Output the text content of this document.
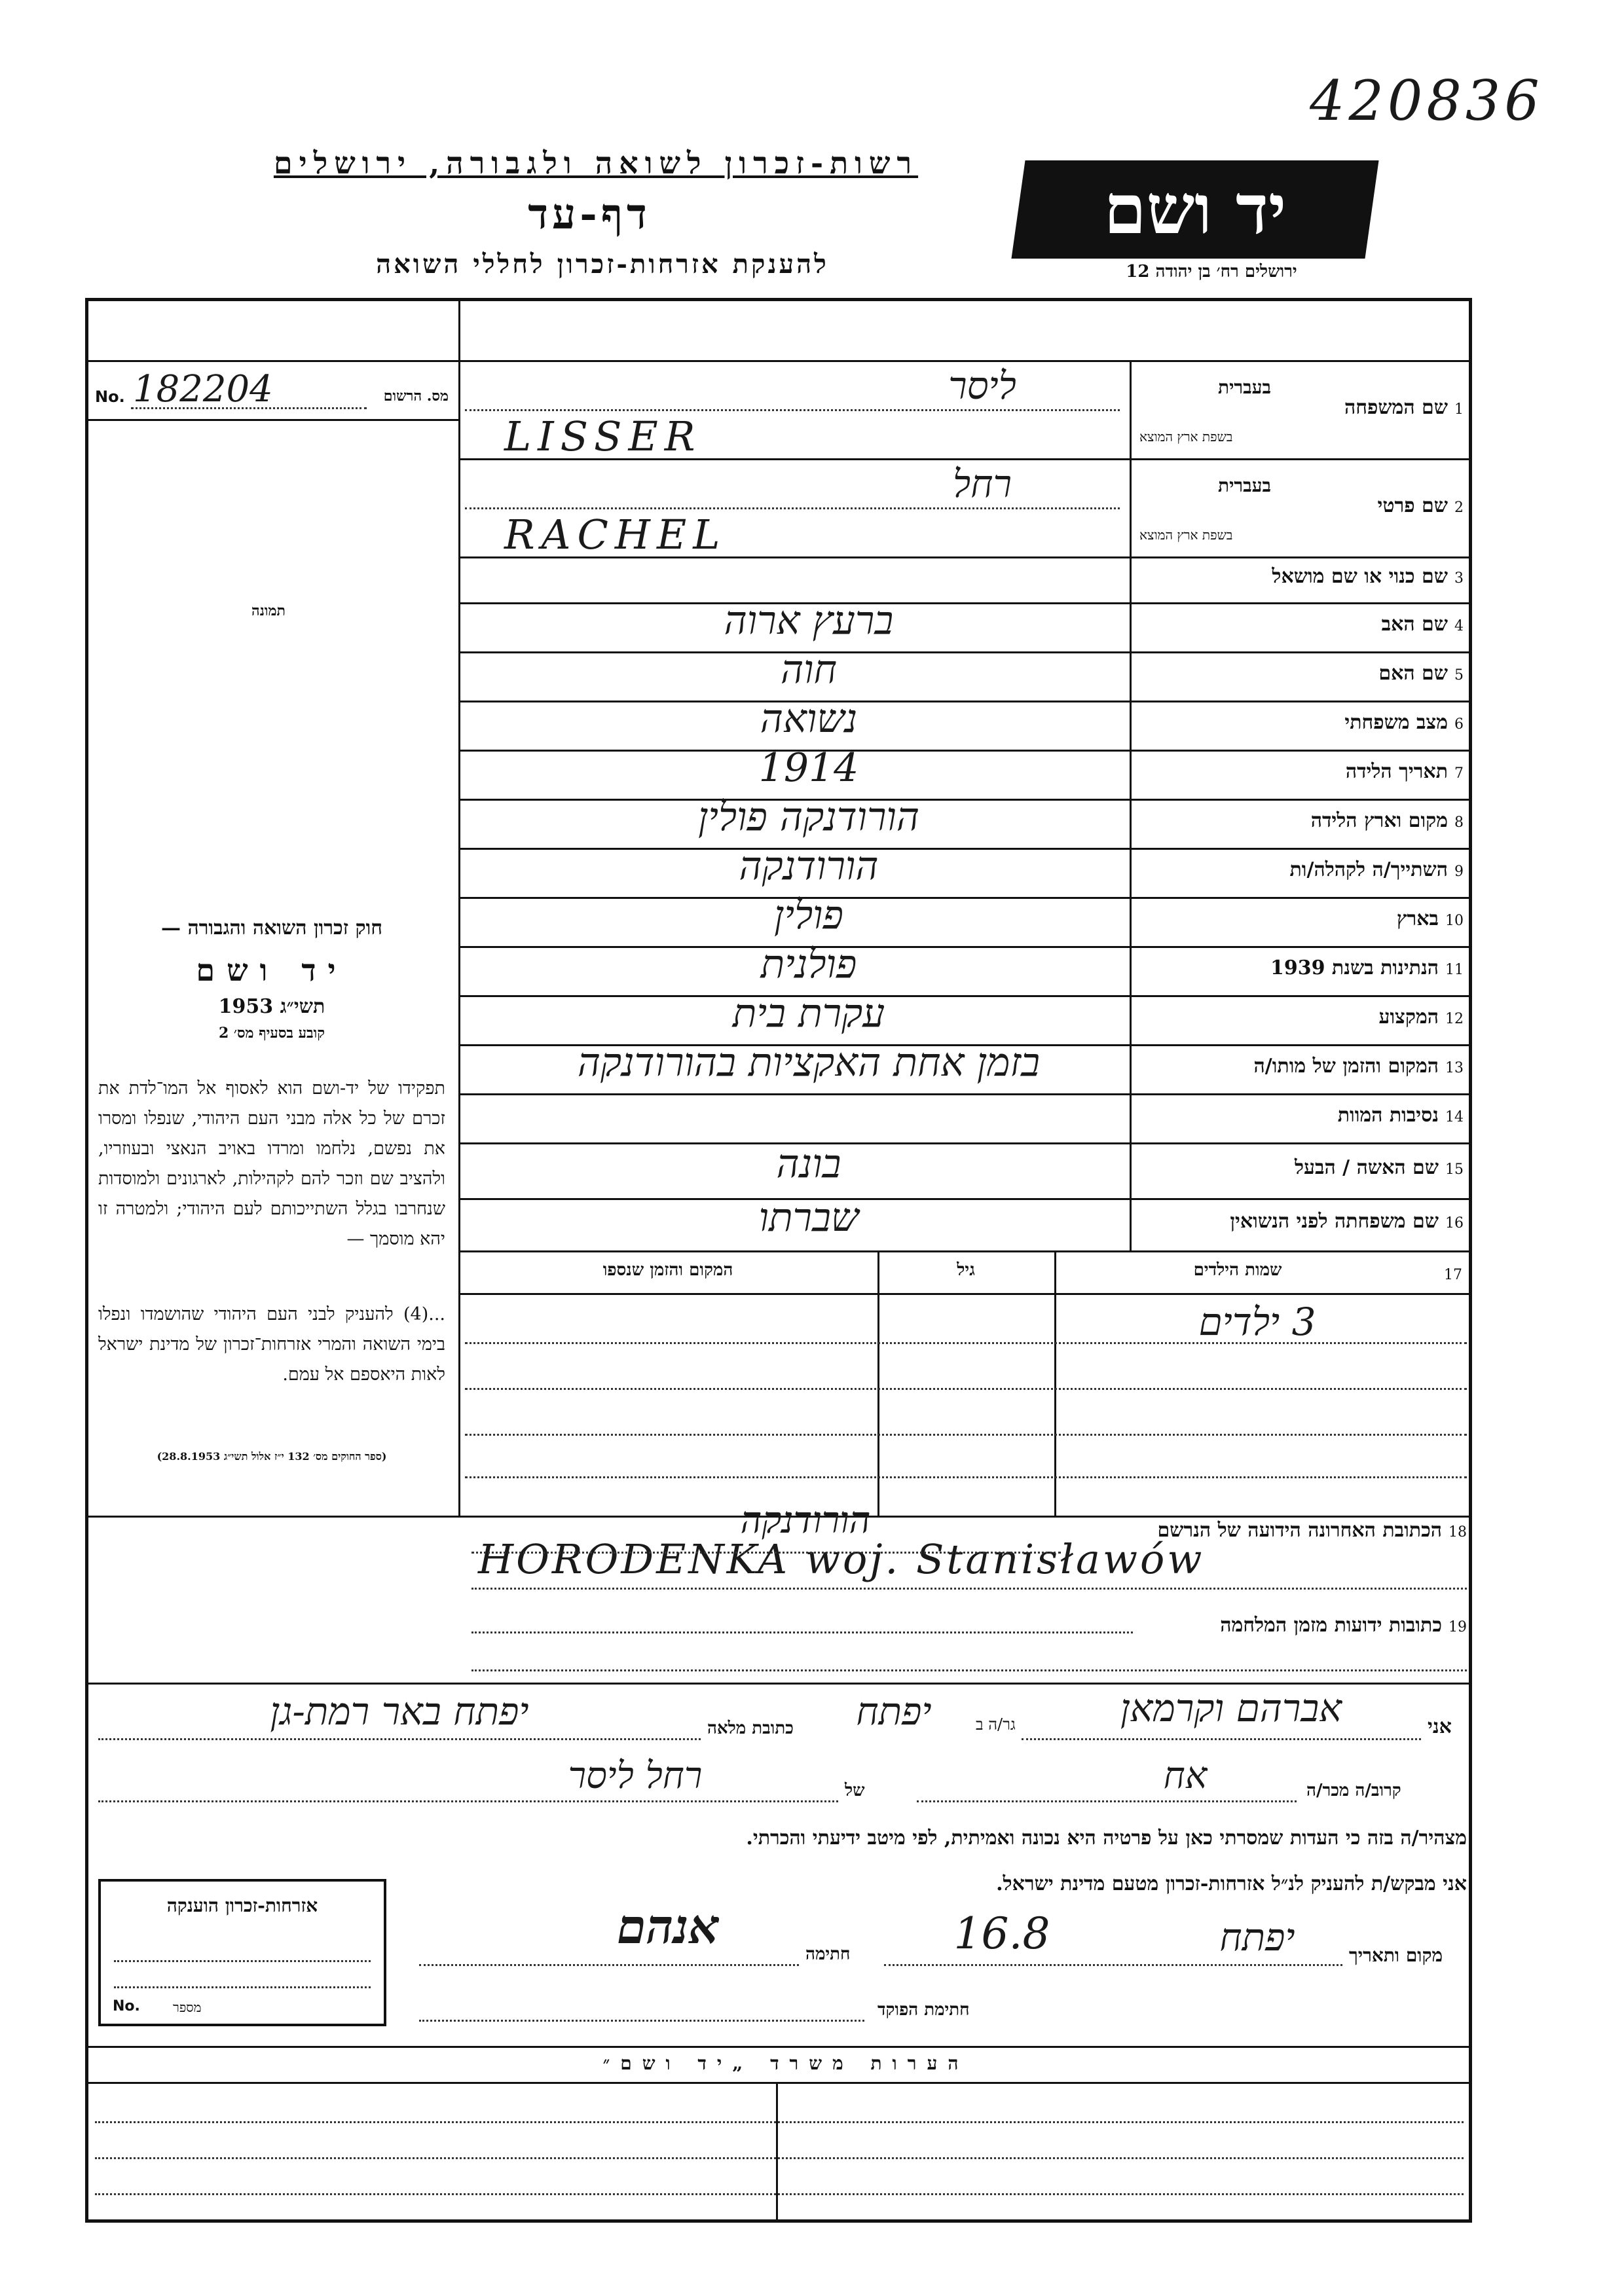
420836
רשות-זכרון לשואה ולגבורה, ירושלים
דף-עד
להענקת אזרחות-זכרון לחללי השואה
יד ושם
ירושלים רח׳ בן יהודה 12
No. 182204	מס. הרשום
תמונה
חוק זכרון השואה והגבורה —
יד ושם
תשי״ג 1953
קובע בסעיף מס׳ 2
תפקידו של יד-ושם הוא לאסוף אל המו־לדת את זכרם של כל אלה מבני העם היהודי, שנפלו ומסרו את נפשם, נלחמו ומרדו באויב הנאצי ובעוזריו, ולהציב שם וזכר להם לקהילות, לארגונים ולמוסדות שנחרבו בגלל השתייכותם לעם היהודי; ולמטרה זו יהא מוסמך —
...(4) להעניק לבני העם היהודי שהושמדו ונפלו בימי השואה והמרי אזרחות־זכרון של מדינת ישראל לאות היאספם אל עמם.
(ספר החוקים מס׳ 132 י״ז אלול תשי״ג 28.8.1953)
1שם המשפחה
בעברית
בשפת ארץ המוצא
ליסר
LISSER
2שם פרטי
בעברית
בשפת ארץ המוצא
רחל
RACHEL
3שם כנוי או שם מושאל
4שם האב
ברעץ ארוה
5שם האם
חוה
6מצב משפחתי
נשואה
7תאריך הלידה
1914
8מקום וארץ הלידה
הורודנקה פולין
9השתייך/ה לקהלה/ות
הורודנקה
10בארץ
פולין
11הנתינות בשנת 1939
פולנית
12המקצוע
עקרת בית
13המקום והזמן של מותו/ה
בזמן אחת האקציות בהורודנקה
14נסיבות המוות
15שם האשה / הבעל
בונה
16שם משפחתה לפני הנשואין
שברתו
המקום והזמן שנספו	גיל	שמות הילדים	17
3 ילדים
18הכתובת האחרונה הידועה של הנרשם
הורודנקה
HORODENKA woj. Stanisławów
19כתובות ידועות מזמן המלחמה
אני
אברהם וקרמאן
גר/ה ב
יפתח
כתובת מלאה
יפתח באר רמת-גן
קרוב/ה מכר/ה
אח
של
רחל ליסר
מצהיר/ה בזה כי העדות שמסרתי כאן על פרטיה היא נכונה ואמיתית, לפי מיטב ידיעתי והכרתי.
אני מבקש/ת להעניק לנ״ל אזרחות-זכרון מטעם מדינת ישראל.
אזרחות-זכרון הוענקה
No.	מספר
מקום ותאריך
יפתח
16.8
חתימה
אנהם
חתימת הפוקד
הערות משרד „יד ושם״
